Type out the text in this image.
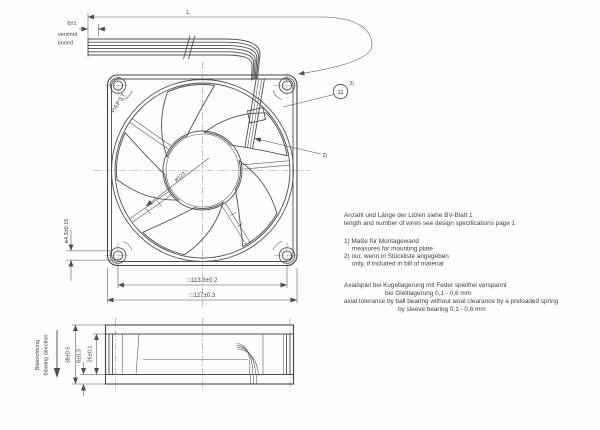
L
6±1
verzinnt
tinned
PAPST
ø123
ø4.3±0.15
□113.3±0.2
□127±0.3
11
2)
2)
Anzahl und Länge der Litzen siehe BV-Blatt 1
length and number of wires see design specifications page 1
1) Maße für Montagewand
measures for mounting plate
2) nur, wenn in Stückliste angegeben
only, if included in bill of material
Axialspiel bei Kugellagerung mit Feder spielfrei verspannt
bei Gleitlagerung 0,1 - 0,6 mm
axial tolerance by ball bearing without axial clearance by a preloaded spring
by sleeve bearing 0,1 - 0,6 mm
38±0.5 6±0.3 26±0.1
Blasrichtung blowing direction
